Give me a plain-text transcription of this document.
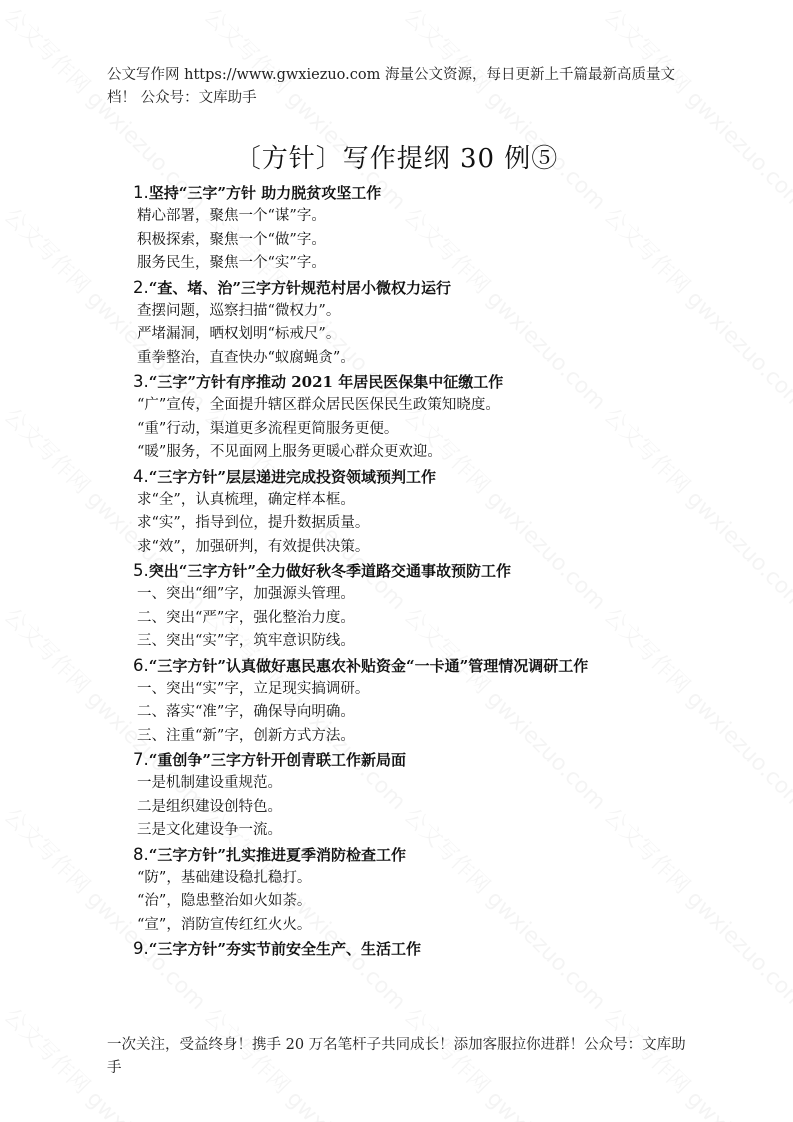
公文写作网 https://www.gwxiezuo.com 海量公文资源，每日更新上千篇最新高质量文档！ 公众号：文库助手
〔方针〕写作提纲 30 例⑤
1.坚持“三字”方针 助力脱贫攻坚工作
精心部署，聚焦一个“谋”字。
积极探索，聚焦一个“做”字。
服务民生，聚焦一个“实”字。
2.“查、堵、治”三字方针规范村居小微权力运行
查摆问题，巡察扫描“微权力”。
严堵漏洞，晒权划明“标戒尺”。
重拳整治，直查快办“蚁腐蝇贪”。
3.“三字”方针有序推动 2021 年居民医保集中征缴工作
“广”宣传，全面提升辖区群众居民医保民生政策知晓度。
“重”行动，渠道更多流程更简服务更便。
“暖”服务，不见面网上服务更暖心群众更欢迎。
4.“三字方针”层层递进完成投资领域预判工作
求“全”，认真梳理，确定样本框。
求“实”，指导到位，提升数据质量。
求“效”，加强研判，有效提供决策。
5.突出“三字方针”全力做好秋冬季道路交通事故预防工作
一、突出“细”字，加强源头管理。
二、突出“严”字，强化整治力度。
三、突出“实”字，筑牢意识防线。
6.“三字方针”认真做好惠民惠农补贴资金“一卡通”管理情况调研工作
一、突出“实”字，立足现实搞调研。
二、落实“准”字，确保导向明确。
三、注重“新”字，创新方式方法。
7.“重创争”三字方针开创青联工作新局面
一是机制建设重规范。
二是组织建设创特色。
三是文化建设争一流。
8.“三字方针”扎实推进夏季消防检查工作
“防”，基础建设稳扎稳打。
“治”，隐患整治如火如荼。
“宣”，消防宣传红红火火。
9.“三字方针”夯实节前安全生产、生活工作
一次关注，受益终身！携手 20 万名笔杆子共同成长！添加客服拉你进群！公众号：文库助手
